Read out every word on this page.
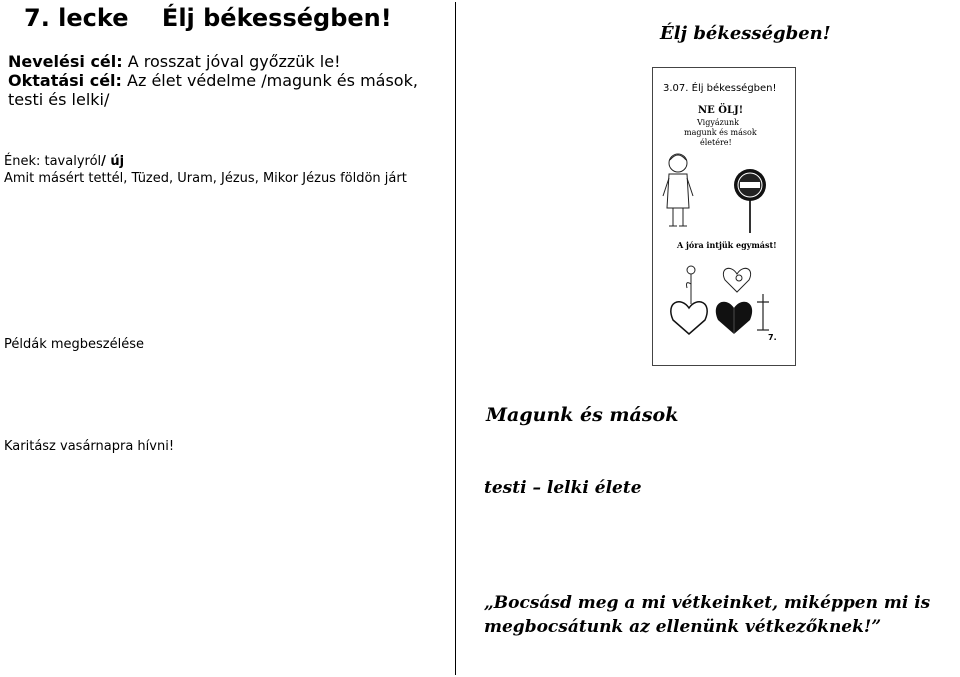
7. lecke    Élj békességben!
Nevelési cél: A rosszat jóval győzzük le!
Oktatási cél: Az élet védelme /magunk és mások, testi és lelki/
Ének: tavalyról/ új
Amit másért tettél, Tüzed, Uram, Jézus, Mikor Jézus földön járt
Példák megbeszélése
Karitász vasárnapra hívni!
Élj békességben!
3.07. Élj békességben!
NE ÖLJ!
Vigyázunk
magunk és mások
életére!
A jóra intjük egymást!
7.
Magunk és mások
testi – lelki élete
„Bocsásd meg a mi vétkeinket, miképpen mi is megbocsátunk az ellenünk vétkezőknek!”
